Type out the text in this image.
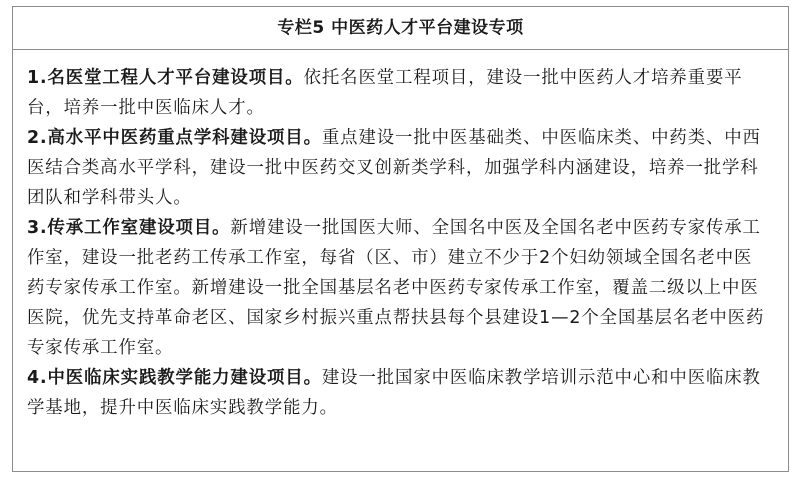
专栏5 中医药人才平台建设专项

1.名医堂工程人才平台建设项目。依托名医堂工程项目，建设一批中医药人才培养重要平台，培养一批中医临床人才。

2.高水平中医药重点学科建设项目。重点建设一批中医基础类、中医临床类、中药类、中西医结合类高水平学科，建设一批中医药交叉创新类学科，加强学科内涵建设，培养一批学科团队和学科带头人。

3.传承工作室建设项目。新增建设一批国医大师、全国名中医及全国名老中医药专家传承工作室，建设一批老药工传承工作室，每省（区、市）建立不少于2个妇幼领域全国名老中医药专家传承工作室。新增建设一批全国基层名老中医药专家传承工作室，覆盖二级以上中医医院，优先支持革命老区、国家乡村振兴重点帮扶县每个县建设1—2个全国基层名老中医药专家传承工作室。

4.中医临床实践教学能力建设项目。建设一批国家中医临床教学培训示范中心和中医临床教学基地，提升中医临床实践教学能力。
